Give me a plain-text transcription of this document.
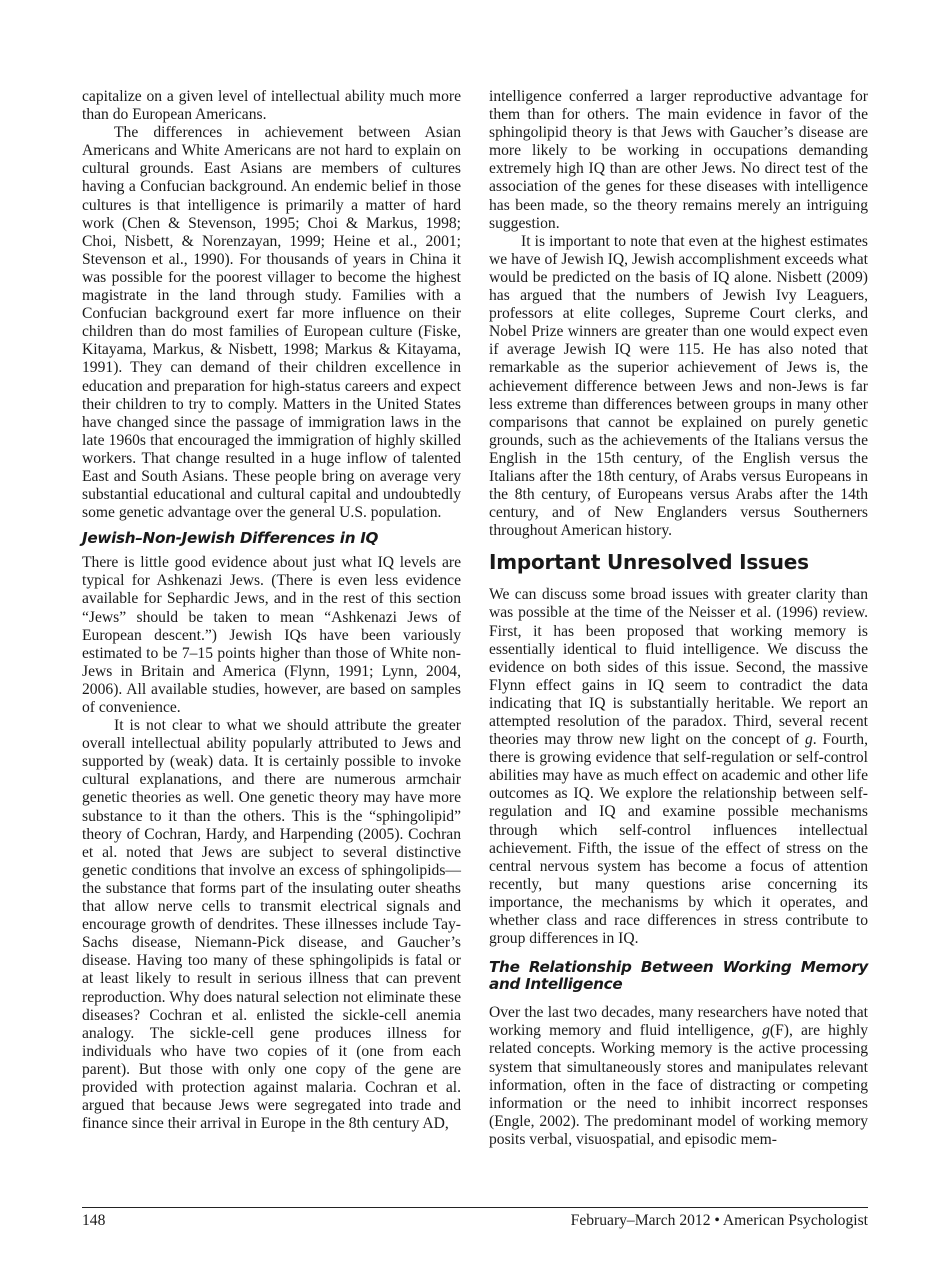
capitalize on a given level of intellectual ability much more than do European Americans.

The differences in achievement between Asian Americans and White Americans are not hard to explain on cultural grounds. East Asians are members of cultures having a Confucian background. An endemic belief in those cultures is that intelligence is primarily a matter of hard work (Chen & Stevenson, 1995; Choi & Markus, 1998; Choi, Nisbett, & Norenzayan, 1999; Heine et al., 2001; Stevenson et al., 1990). For thousands of years in China it was possible for the poorest villager to become the highest magistrate in the land through study. Families with a Confucian background exert far more influence on their children than do most families of European culture (Fiske, Kitayama, Markus, & Nisbett, 1998; Markus & Kitayama, 1991). They can demand of their children excellence in education and preparation for high-status careers and expect their children to try to comply. Matters in the United States have changed since the passage of immigration laws in the late 1960s that encouraged the immigration of highly skilled workers. That change resulted in a huge inflow of talented East and South Asians. These people bring on average very substantial educational and cultural capital and undoubtedly some genetic advantage over the general U.S. population.

Jewish–Non-Jewish Differences in IQ

There is little good evidence about just what IQ levels are typical for Ashkenazi Jews. (There is even less evidence available for Sephardic Jews, and in the rest of this section “Jews” should be taken to mean “Ashkenazi Jews of European descent.”) Jewish IQs have been variously estimated to be 7–15 points higher than those of White non-Jews in Britain and America (Flynn, 1991; Lynn, 2004, 2006). All available studies, however, are based on samples of convenience.

It is not clear to what we should attribute the greater overall intellectual ability popularly attributed to Jews and supported by (weak) data. It is certainly possible to invoke cultural explanations, and there are numerous armchair genetic theories as well. One genetic theory may have more substance to it than the others. This is the “sphingolipid” theory of Cochran, Hardy, and Harpending (2005). Cochran et al. noted that Jews are subject to several distinctive genetic conditions that involve an excess of sphingolipids—the substance that forms part of the insulating outer sheaths that allow nerve cells to transmit electrical signals and encourage growth of dendrites. These illnesses include Tay-Sachs disease, Niemann-Pick disease, and Gaucher’s disease. Having too many of these sphingolipids is fatal or at least likely to result in serious illness that can prevent reproduction. Why does natural selection not eliminate these diseases? Cochran et al. enlisted the sickle-cell anemia analogy. The sickle-cell gene produces illness for individuals who have two copies of it (one from each parent). But those with only one copy of the gene are provided with protection against malaria. Cochran et al. argued that because Jews were segregated into trade and finance since their arrival in Europe in the 8th century AD,

intelligence conferred a larger reproductive advantage for them than for others. The main evidence in favor of the sphingolipid theory is that Jews with Gaucher’s disease are more likely to be working in occupations demanding extremely high IQ than are other Jews. No direct test of the association of the genes for these diseases with intelligence has been made, so the theory remains merely an intriguing suggestion.

It is important to note that even at the highest estimates we have of Jewish IQ, Jewish accomplishment exceeds what would be predicted on the basis of IQ alone. Nisbett (2009) has argued that the numbers of Jewish Ivy Leaguers, professors at elite colleges, Supreme Court clerks, and Nobel Prize winners are greater than one would expect even if average Jewish IQ were 115. He has also noted that remarkable as the superior achievement of Jews is, the achievement difference between Jews and non-Jews is far less extreme than differences between groups in many other comparisons that cannot be explained on purely genetic grounds, such as the achievements of the Italians versus the English in the 15th century, of the English versus the Italians after the 18th century, of Arabs versus Europeans in the 8th century, of Europeans versus Arabs after the 14th century, and of New Englanders versus Southerners throughout American history.

Important Unresolved Issues

We can discuss some broad issues with greater clarity than was possible at the time of the Neisser et al. (1996) review. First, it has been proposed that working memory is essentially identical to fluid intelligence. We discuss the evidence on both sides of this issue. Second, the massive Flynn effect gains in IQ seem to contradict the data indicating that IQ is substantially heritable. We report an attempted resolution of the paradox. Third, several recent theories may throw new light on the concept of g. Fourth, there is growing evidence that self-regulation or self-control abilities may have as much effect on academic and other life outcomes as IQ. We explore the relationship between self-regulation and IQ and examine possible mechanisms through which self-control influences intellectual achievement. Fifth, the issue of the effect of stress on the central nervous system has become a focus of attention recently, but many questions arise concerning its importance, the mechanisms by which it operates, and whether class and race differences in stress contribute to group differences in IQ.

The Relationship Between Working Memory and Intelligence

Over the last two decades, many researchers have noted that working memory and fluid intelligence, g(F), are highly related concepts. Working memory is the active processing system that simultaneously stores and manipulates relevant information, often in the face of distracting or competing information or the need to inhibit incorrect responses (Engle, 2002). The predominant model of working memory posits verbal, visuospatial, and episodic mem-

148	February–March 2012 • American Psychologist
